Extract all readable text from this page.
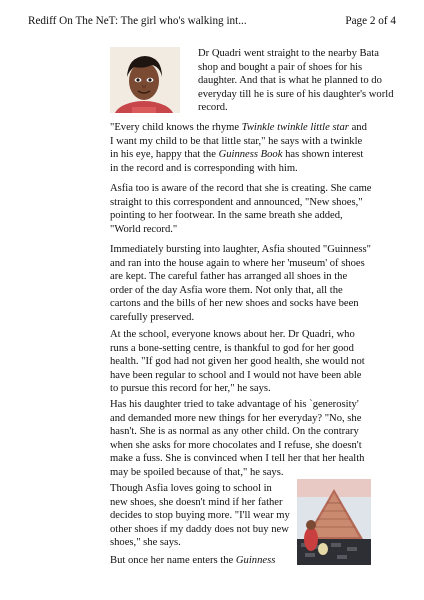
Rediff On The NeT: The girl who's walking int...	Page 2 of 4

Dr Quadri went straight to the nearby Bata shop and bought a pair of shoes for his daughter. And that is what he planned to do everyday till he is sure of his daughter's world record.

"Every child knows the rhyme Twinkle twinkle little star and I want my child to be that little star," he says with a twinkle in his eye, happy that the Guinness Book has shown interest in the record and is corresponding with him.

Asfia too is aware of the record that she is creating. She came straight to this correspondent and announced, "New shoes," pointing to her footwear. In the same breath she added, "World record."

Immediately bursting into laughter, Asfia shouted "Guinness" and ran into the house again to where her 'museum' of shoes are kept. The careful father has arranged all shoes in the order of the day Asfia wore them. Not only that, all the cartons and the bills of her new shoes and socks have been carefully preserved.

At the school, everyone knows about her. Dr Quadri, who runs a bone-setting centre, is thankful to god for her good health. "If god had not given her good health, she would not have been regular to school and I would not have been able to pursue this record for her," he says.

Has his daughter tried to take advantage of his `generosity' and demanded more new things for her everyday? "No, she hasn't. She is as normal as any other child. On the contrary when she asks for more chocolates and I refuse, she doesn't make a fuss. She is convinced when I tell her that her health may be spoiled because of that," he says.

Though Asfia loves going to school in new shoes, she doesn't mind if her father decides to stop buying more. "I'll wear my other shoes if my daddy does not buy new shoes," she says.

But once her name enters the Guinness
